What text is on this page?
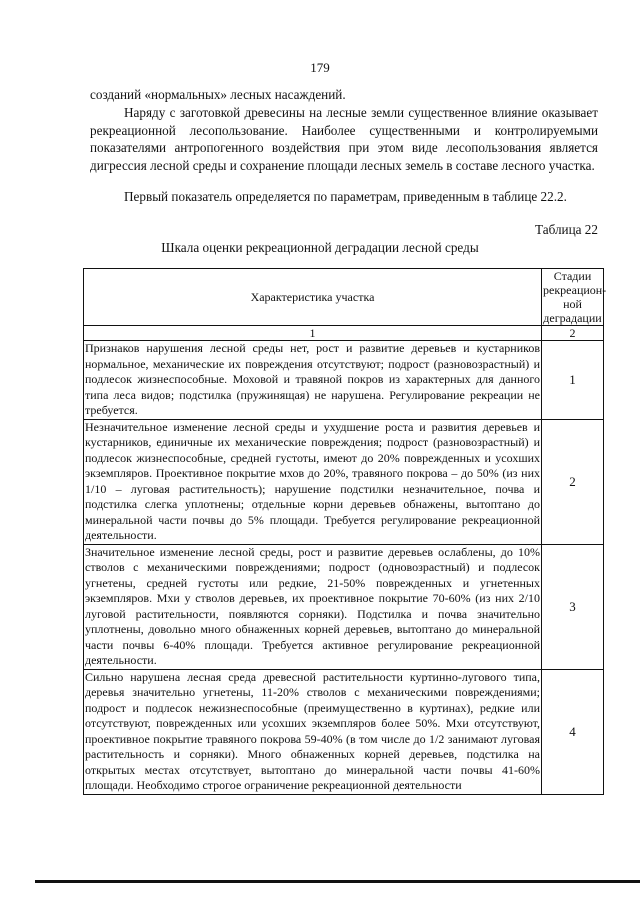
179
созданий «нормальных» лесных насаждений.
Наряду с заготовкой древесины на лесные земли существенное влияние оказывает рекреационной лесопользование. Наиболее существенными и контролируемыми показателями антропогенного воздействия при этом виде лесопользования является дигрессия лесной среды и сохранение площади лесных земель в составе лесного участка.
Первый показатель определяется по параметрам, приведенным в таблице 22.2.
Таблица 22
Шкала оценки рекреационной деградации лесной среды
Характеристика участка	Стадии рекреацион-ной деградации
1	2
Признаков нарушения лесной среды нет, рост и развитие деревьев и кустарников нормальное, механические их повреждения отсутствуют; подрост (разновозрастный) и подлесок жизнеспособные. Моховой и травяной покров из характерных для данного типа леса видов; подстилка (пружинящая) не нарушена. Регулирование рекреации не требуется.	1
Незначительное изменение лесной среды и ухудшение роста и развития деревьев и кустарников, единичные их механические повреждения; подрост (разновозрастный) и подлесок жизнеспособные, средней густоты, имеют до 20% поврежденных и усохших экземпляров. Проективное покрытие мхов до 20%, травяного покрова – до 50% (из них 1/10 – луговая растительность); нарушение подстилки незначительное, почва и подстилка слегка уплотнены; отдельные корни деревьев обнажены, вытоптано до минеральной части почвы до 5% площади. Требуется регулирование рекреационной деятельности.	2
Значительное изменение лесной среды, рост и развитие деревьев ослаблены, до 10% стволов с механическими повреждениями; подрост (одновозрастный) и подлесок угнетены, средней густоты или редкие, 21-50% поврежденных и угнетенных экземпляров. Мхи у стволов деревьев, их проективное покрытие 70-60% (из них 2/10 луговой растительности, появляются сорняки). Подстилка и почва значительно уплотнены, довольно много обнаженных корней деревьев, вытоптано до минеральной части почвы 6-40% площади. Требуется активное регулирование рекреационной деятельности.	3
Сильно нарушена лесная среда древесной растительности куртинно-лугового типа, деревья значительно угнетены, 11-20% стволов с механическими повреждениями; подрост и подлесок нежизнеспособные (преимущественно в куртинах), редкие или отсутствуют, поврежденных или усохших экземпляров более 50%. Мхи отсутствуют, проективное покрытие травяного покрова 59-40% (в том числе до 1/2 занимают луговая растительность и сорняки). Много обнаженных корней деревьев, подстилка на открытых местах отсутствует, вытоптано до минеральной части почвы 41-60% площади. Необходимо строгое ограничение рекреационной деятельности	4
